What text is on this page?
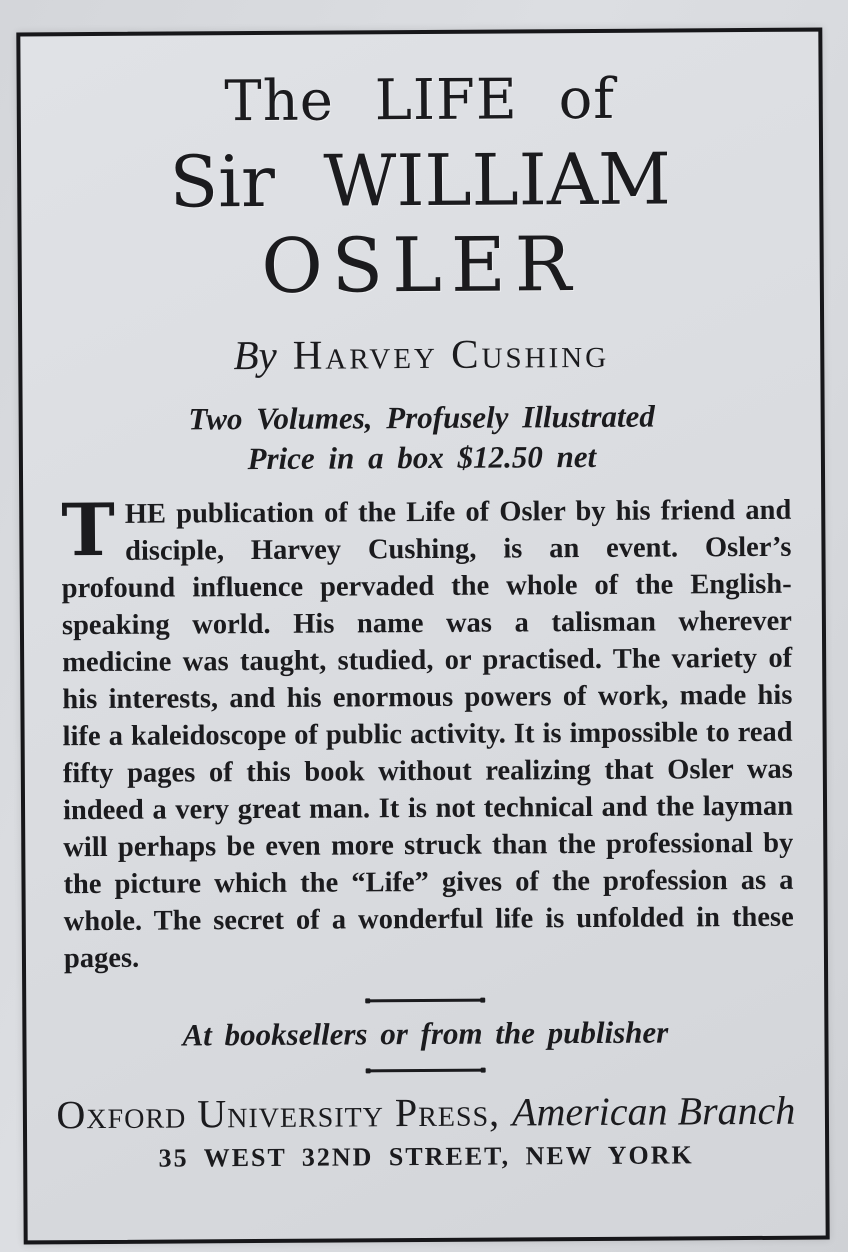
The LIFE of
Sir WILLIAM
OSLER
By Harvey Cushing
Two Volumes, Profusely Illustrated
Price in a box $12.50 net

THE publication of the Life of Osler by his friend and disciple, Harvey Cushing, is an event. Osler’s profound influence pervaded the whole of the English-speaking world. His name was a talisman wherever medicine was taught, studied, or practised. The variety of his interests, and his enormous powers of work, made his life a kaleidoscope of public activity. It is impossible to read fifty pages of this book without realizing that Osler was indeed a very great man. It is not technical and the layman will perhaps be even more struck than the professional by the picture which the “Life” gives of the profession as a whole. The secret of a wonderful life is unfolded in these pages.

At booksellers or from the publisher
Oxford University Press, American Branch
35 WEST 32ND STREET, NEW YORK
